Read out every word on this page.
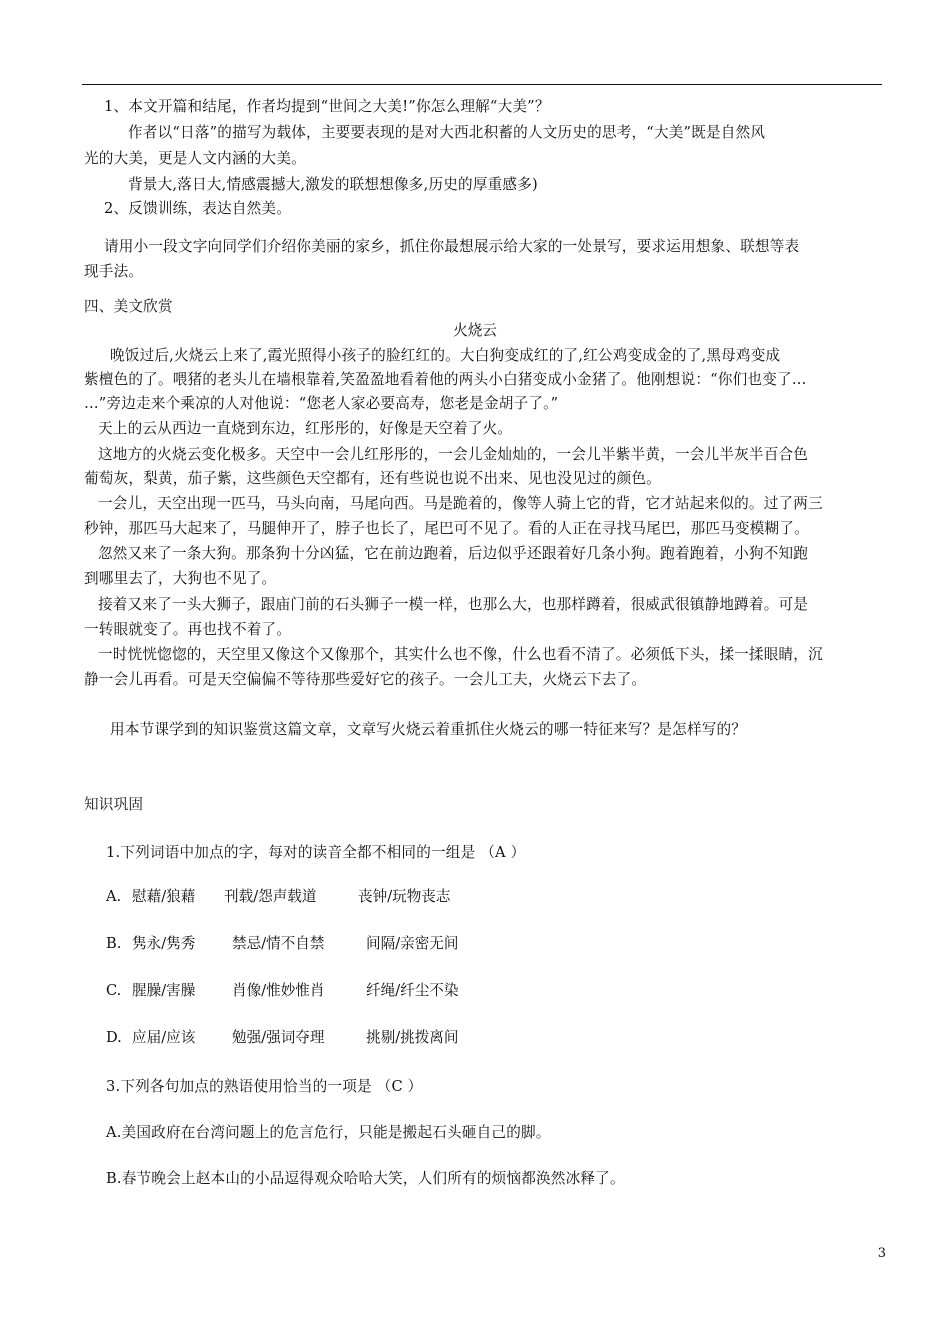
1、本文开篇和结尾，作者均提到“世间之大美!”你怎么理解“大美”？
作者以“日落”的描写为载体，主要要表现的是对大西北积蓄的人文历史的思考，“大美”既是自然风
光的大美，更是人文内涵的大美。
背景大,落日大,情感震撼大,激发的联想想像多,历史的厚重感多)
2、反馈训练，表达自然美。
请用小一段文字向同学们介绍你美丽的家乡，抓住你最想展示给大家的一处景写，要求运用想象、联想等表
现手法。
四、美文欣赏
火烧云
晚饭过后,火烧云上来了,霞光照得小孩子的脸红红的。大白狗变成红的了,红公鸡变成金的了,黑母鸡变成
紫檀色的了。喂猪的老头儿在墙根靠着,笑盈盈地看着他的两头小白猪变成小金猪了。他刚想说：“你们也变了…
…”旁边走来个乘凉的人对他说：“您老人家必要高寿，您老是金胡子了。”
天上的云从西边一直烧到东边，红彤彤的，好像是天空着了火。
这地方的火烧云变化极多。天空中一会儿红彤彤的，一会儿金灿灿的，一会儿半紫半黄，一会儿半灰半百合色
葡萄灰，梨黄，茄子紫，这些颜色天空都有，还有些说也说不出来、见也没见过的颜色。
一会儿，天空出现一匹马，马头向南，马尾向西。马是跪着的，像等人骑上它的背，它才站起来似的。过了两三
秒钟，那匹马大起来了，马腿伸开了，脖子也长了，尾巴可不见了。看的人正在寻找马尾巴，那匹马变模糊了。
忽然又来了一条大狗。那条狗十分凶猛，它在前边跑着，后边似乎还跟着好几条小狗。跑着跑着，小狗不知跑
到哪里去了，大狗也不见了。
接着又来了一头大狮子，跟庙门前的石头狮子一模一样，也那么大，也那样蹲着，很威武很镇静地蹲着。可是
一转眼就变了。再也找不着了。
一时恍恍惚惚的，天空里又像这个又像那个，其实什么也不像，什么也看不清了。必须低下头，揉一揉眼睛，沉
静一会儿再看。可是天空偏偏不等待那些爱好它的孩子。一会儿工夫，火烧云下去了。
用本节课学到的知识鉴赏这篇文章，文章写火烧云着重抓住火烧云的哪一特征来写？是怎样写的？
知识巩固
1.下列词语中加点的字，每对的读音全都不相同的一组是 （A ）
A. 慰藉/狼藉 刊载/怨声载道	丧钟/玩物丧志
B. 隽永/隽秀	禁忌/情不自禁	间隔/亲密无间
C. 腥臊/害臊	肖像/惟妙惟肖	纤绳/纤尘不染
D. 应届/应该	勉强/强词夺理	挑剔/挑拨离间
3.下列各句加点的熟语使用恰当的一项是 （C ）
A.美国政府在台湾问题上的危言危行，只能是搬起石头砸自己的脚。
B.春节晚会上赵本山的小品逗得观众哈哈大笑，人们所有的烦恼都涣然冰释了。
3
